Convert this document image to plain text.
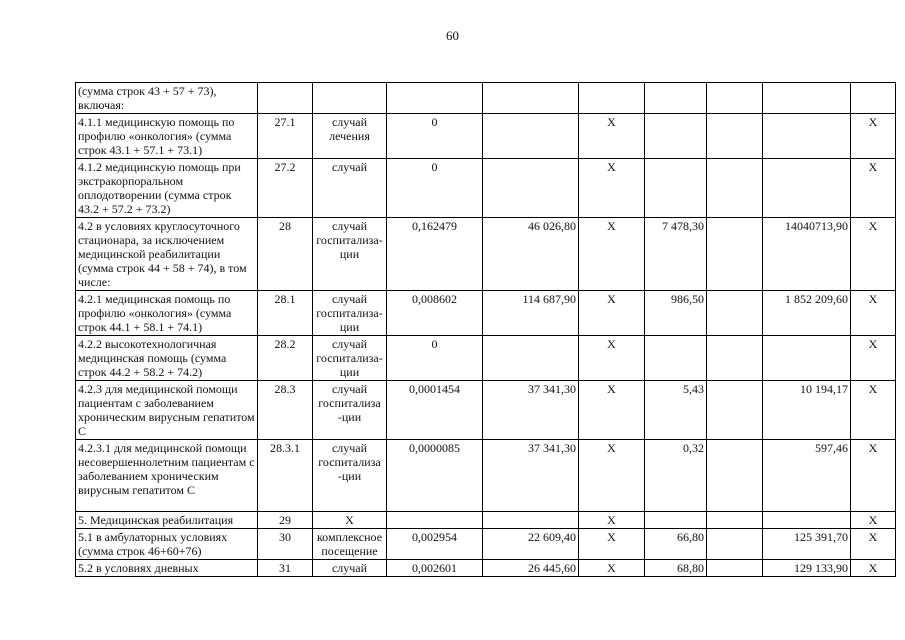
60
(сумма строк 43 + 57 + 73), включая:									
4.1.1 медицинскую помощь по профилю «онкология» (сумма строк 43.1 + 57.1 + 73.1)	27.1	случай лечения	0		X				X
4.1.2 медицинскую помощь при экстракорпоральном оплодотворении (сумма строк 43.2 + 57.2 + 73.2)	27.2	случай	0		X				X
4.2 в условиях круглосуточного стационара, за исключением медицинской реабилитации (сумма строк 44 + 58 + 74), в том числе:	28	случай госпитализа-ции	0,162479	46 026,80	X	7 478,30		14040713,90	X
4.2.1 медицинская помощь по профилю «онкология» (сумма строк 44.1 + 58.1 + 74.1)	28.1	случай госпитализа-ции	0,008602	114 687,90	X	986,50		1 852 209,60	X
4.2.2 высокотехнологичная медицинская помощь (сумма строк 44.2 + 58.2 + 74.2)	28.2	случай госпитализа-ции	0		X				X
4.2.3 для медицинской помощи пациентам с заболеванием хроническим вирусным гепатитом С	28.3	случай госпитализа -ции	0,0001454	37 341,30	X	5,43		10 194,17	X
4.2.3.1 для медицинской помощи несовершеннолетним пациентам с заболеванием хроническим вирусным гепатитом С	28.3.1	случай госпитализа -ции	0,0000085	37 341,30	X	0,32		597,46	X
5. Медицинская реабилитация	29	X			X				X
5.1 в амбулаторных условиях (сумма строк 46+60+76)	30	комплексное посещение	0,002954	22 609,40	X	66,80		125 391,70	X
5.2 в условиях дневных	31	случай	0,002601	26 445,60	X	68,80		129 133,90	X
